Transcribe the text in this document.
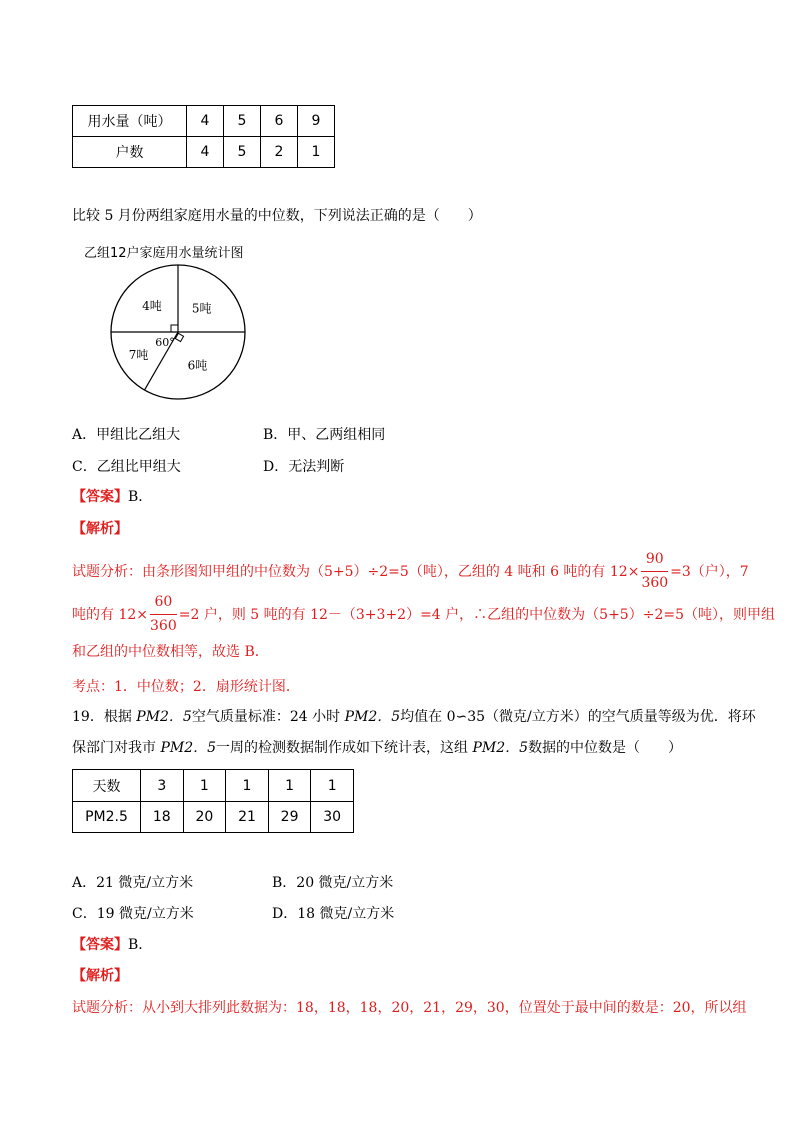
用水量（吨）	4	5	6	9
户数	4	5	2	1
比较 5 月份两组家庭用水量的中位数，下列说法正确的是（　　）
乙组12户家庭用水量统计图
5吨
6吨
7吨
4吨
60°
A．甲组比乙组大	B．甲、乙两组相同
C．乙组比甲组大	D．无法判断
【答案】B．
【解析】
试题分析：由条形图知甲组的中位数为（5+5）÷2=5（吨），乙组的 4 吨和 6 吨的有 $12\times \frac{90}{360} =3$（户），7
吨的有 $12\times \frac{60}{360} =2$ 户，则 5 吨的有 12－（3+3+2）=4 户，∴乙组的中位数为（5+5）÷2=5（吨），则甲组
和乙组的中位数相等，故选 B．
考点：1．中位数；2．扇形统计图．
19．根据 PM2．5空气质量标准：24 小时 PM2．5均值在 0∽35（微克/立方米）的空气质量等级为优．将环
保部门对我市 PM2．5一周的检测数据制作成如下统计表，这组 PM2．5数据的中位数是（　　）
天数	3	1	1	1	1
PM2.5	18	20	21	29	30
A．21 微克/立方米	B．20 微克/立方米
C．19 微克/立方米	D．18 微克/立方米
【答案】B．
【解析】
试题分析：从小到大排列此数据为：18，18，18，20，21，29，30，位置处于最中间的数是：20，所以组
